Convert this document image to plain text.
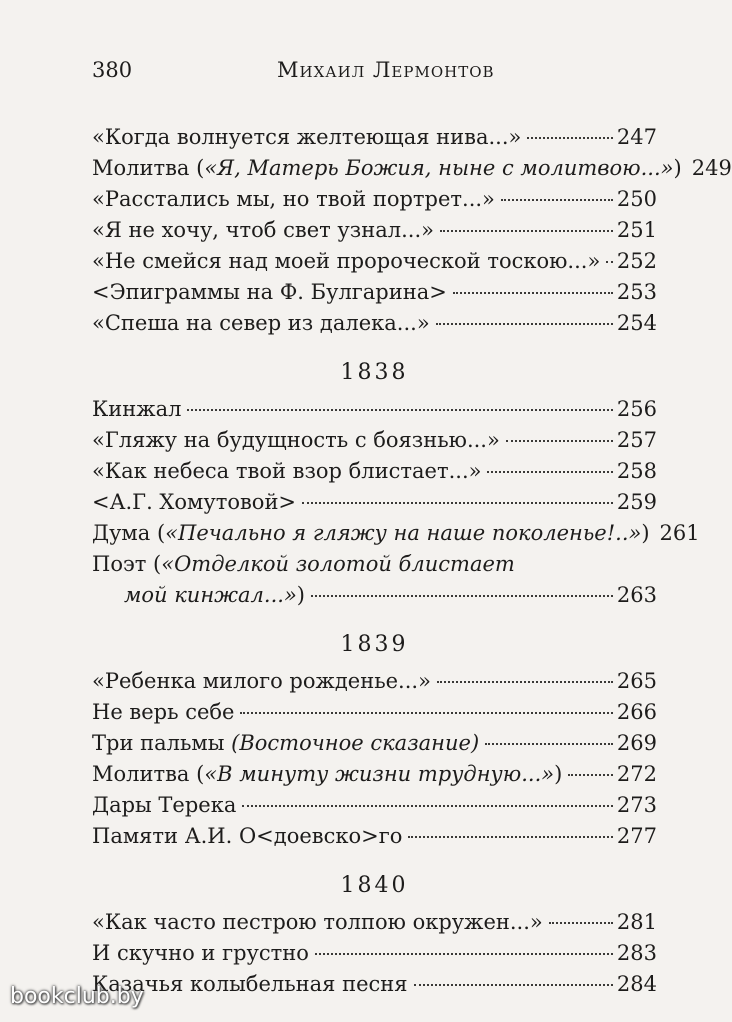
380	Михаил Лермонтов
«Когда волнуется желтеющая нива...»	247
Молитва («Я, Матерь Божия, ныне с молитвою...») 249
«Расстались мы, но твой портрет...»	250
«Я не хочу, чтоб свет узнал...»	251
«Не смейся над моей пророческой тоскою...» 252
<Эпиграммы на Ф. Булгарина>	253
«Спеша на север из далека...»	254
1838
Кинжал	256
«Гляжу на будущность с боязнью...»	257
«Как небеса твой взор блистает...»	258
<А.Г. Хомутовой>	259
Дума («Печально я гляжу на наше поколенье!..») 261
Поэт («Отделкой золотой блистает
мой кинжал...»)	263
1839
«Ребенка милого рожденье...»	265
Не верь себе	266
Три пальмы (Восточное сказание)	269
Молитва («В минуту жизни трудную...»)	272
Дары Терека	273
Памяти А.И. О<доевско>го	277
1840
«Как часто пестрою толпою окружен...»	281
И скучно и грустно	283
Казачья колыбельная песня	284
bookclub.by
